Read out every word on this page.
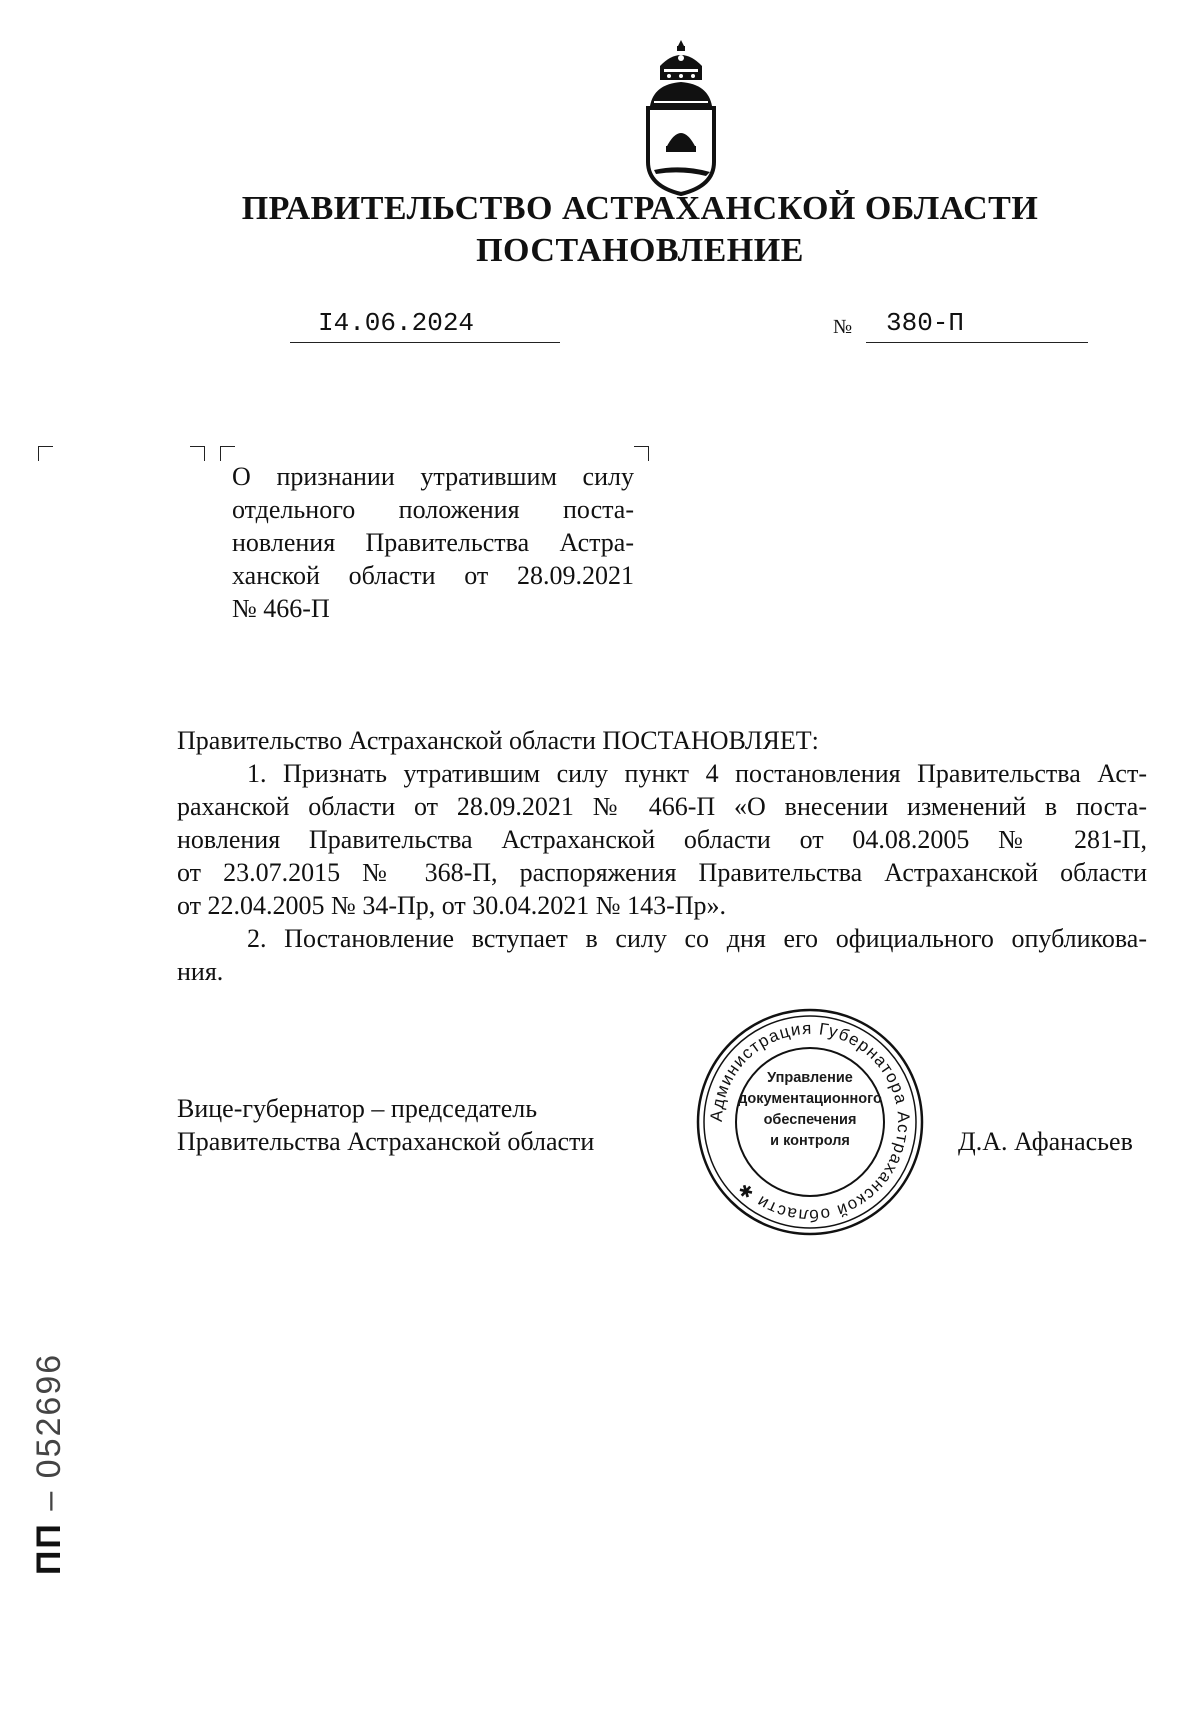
ПРАВИТЕЛЬСТВО АСТРАХАНСКОЙ ОБЛАСТИ
ПОСТАНОВЛЕНИЕ
I4.06.2024	№ 380-П
О признании утратившим силу
отдельного положения поста-
новления Правительства Астра-
ханской области от 28.09.2021
№ 466-П
Правительство Астраханской области ПОСТАНОВЛЯЕТ:
1. Признать утратившим силу пункт 4 постановления Правительства Аст-
раханской области от 28.09.2021 № 466-П «О внесении изменений в поста-
новления Правительства Астраханской области от 04.08.2005 № 281-П,
от 23.07.2015 № 368-П, распоряжения Правительства Астраханской области
от 22.04.2005 № 34-Пр, от 30.04.2021 № 143-Пр».
2. Постановление вступает в силу со дня его официального опубликова-
ния.
Вице-губернатор – председатель
Правительства Астраханской области
Администрация Губернатора Астраханской области ✱
Управление
документационного
обеспечения
и контроля	Д.А. Афанасьев
ПП – 052696
